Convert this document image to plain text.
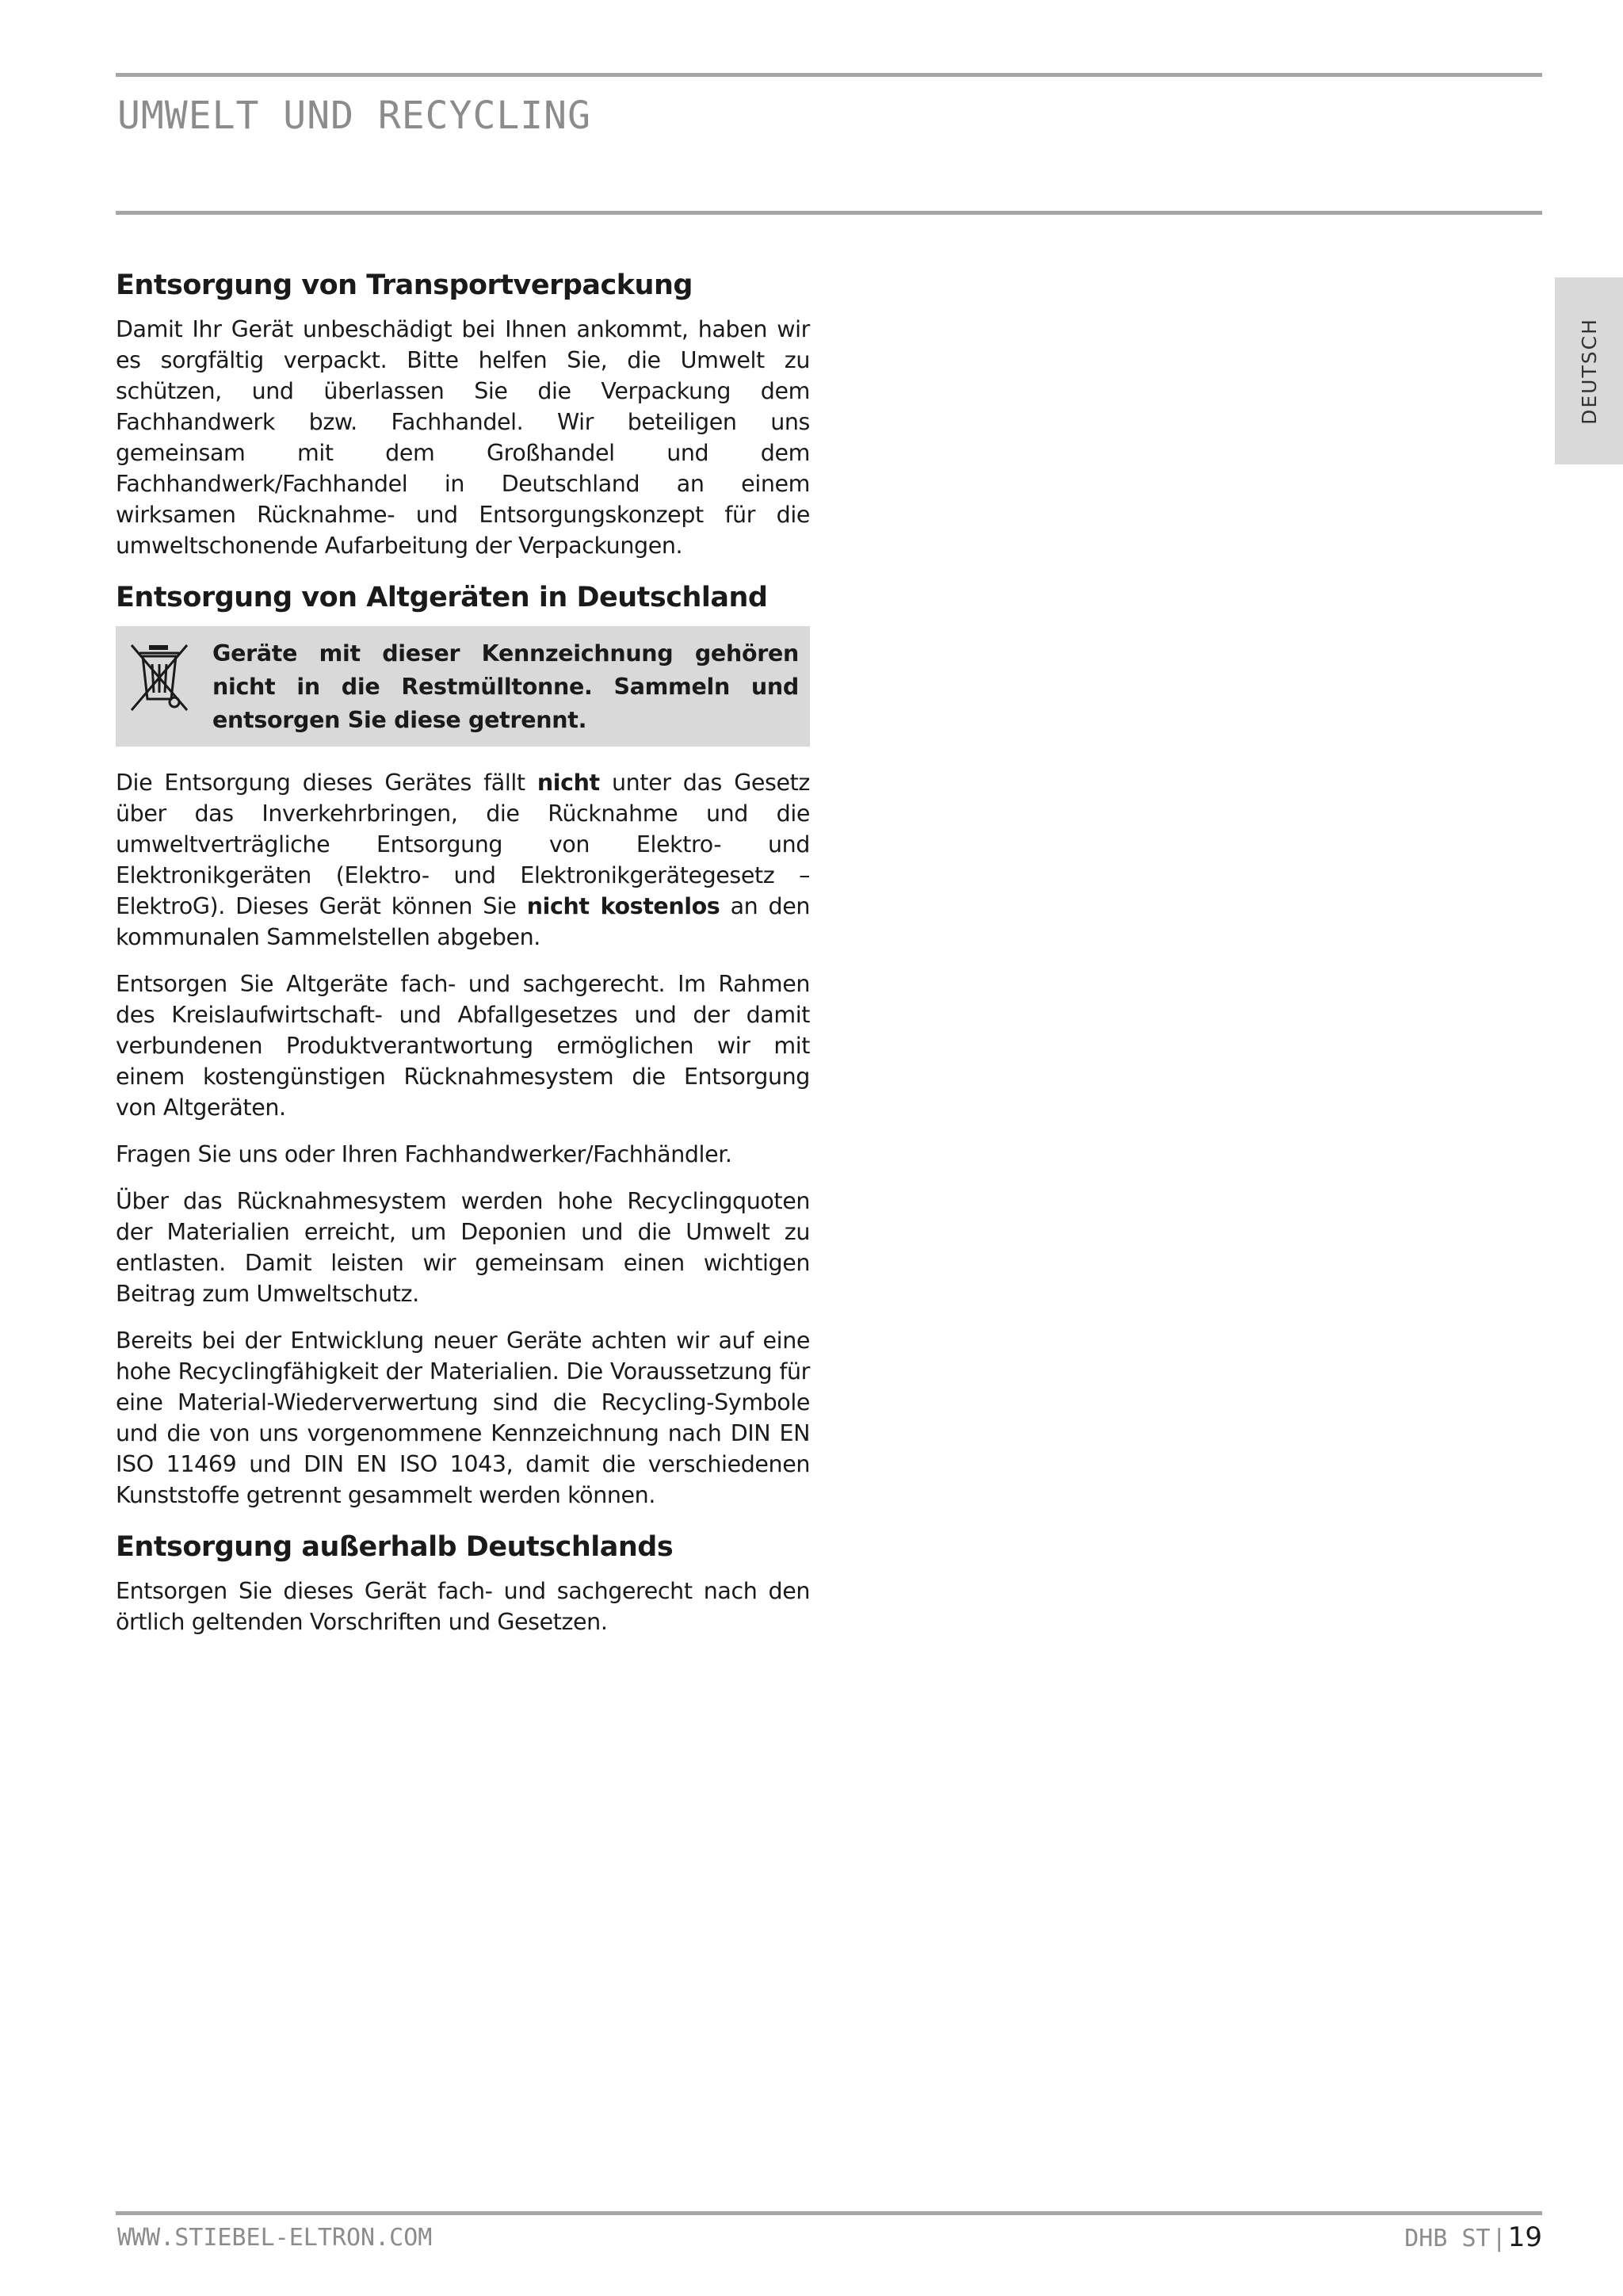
UMWELT UND RECYCLING
DEUTSCH
Entsorgung von Transportverpackung

Damit Ihr Gerät unbeschädigt bei Ihnen ankommt, haben wir es sorgfältig verpackt. Bitte helfen Sie, die Umwelt zu schützen, und überlassen Sie die Verpackung dem Fachhandwerk bzw. Fachhandel. Wir beteiligen uns gemeinsam mit dem Großhandel und dem Fachhandwerk/Fachhandel in Deutschland an einem wirksamen Rücknahme- und Entsorgungskonzept für die umweltschonende Aufarbeitung der Verpackungen.

Entsorgung von Altgeräten in Deutschland
Geräte mit dieser Kennzeichnung gehören nicht in die Restmülltonne. Sammeln und entsorgen Sie diese getrennt.

Die Entsorgung dieses Gerätes fällt nicht unter das Gesetz über das Inverkehrbringen, die Rücknahme und die umweltverträgliche Entsorgung von Elektro- und Elektronikgeräten (Elektro- und Elektronikgerätegesetz – ElektroG). Dieses Gerät können Sie nicht kostenlos an den kommunalen Sammelstellen abgeben.

Entsorgen Sie Altgeräte fach- und sachgerecht. Im Rahmen des Kreislaufwirtschaft- und Abfallgesetzes und der damit verbundenen Produktverantwortung ermöglichen wir mit einem kostengünstigen Rücknahmesystem die Entsorgung von Altgeräten.

Fragen Sie uns oder Ihren Fachhandwerker/Fachhändler.

Über das Rücknahmesystem werden hohe Recyclingquoten der Materialien erreicht, um Deponien und die Umwelt zu entlasten. Damit leisten wir gemeinsam einen wichtigen Beitrag zum Umweltschutz.

Bereits bei der Entwicklung neuer Geräte achten wir auf eine hohe Recyclingfähigkeit der Materialien. Die Voraussetzung für eine Material-Wiederverwertung sind die Recycling-Symbole und die von uns vorgenommene Kennzeichnung nach DIN EN ISO 11469 und DIN EN ISO 1043, damit die verschiedenen Kunststoffe getrennt gesammelt werden können.

Entsorgung außerhalb Deutschlands

Entsorgen Sie dieses Gerät fach- und sachgerecht nach den örtlich geltenden Vorschriften und Gesetzen.

WWW.STIEBEL-ELTRON.COM	DHB ST | 19
